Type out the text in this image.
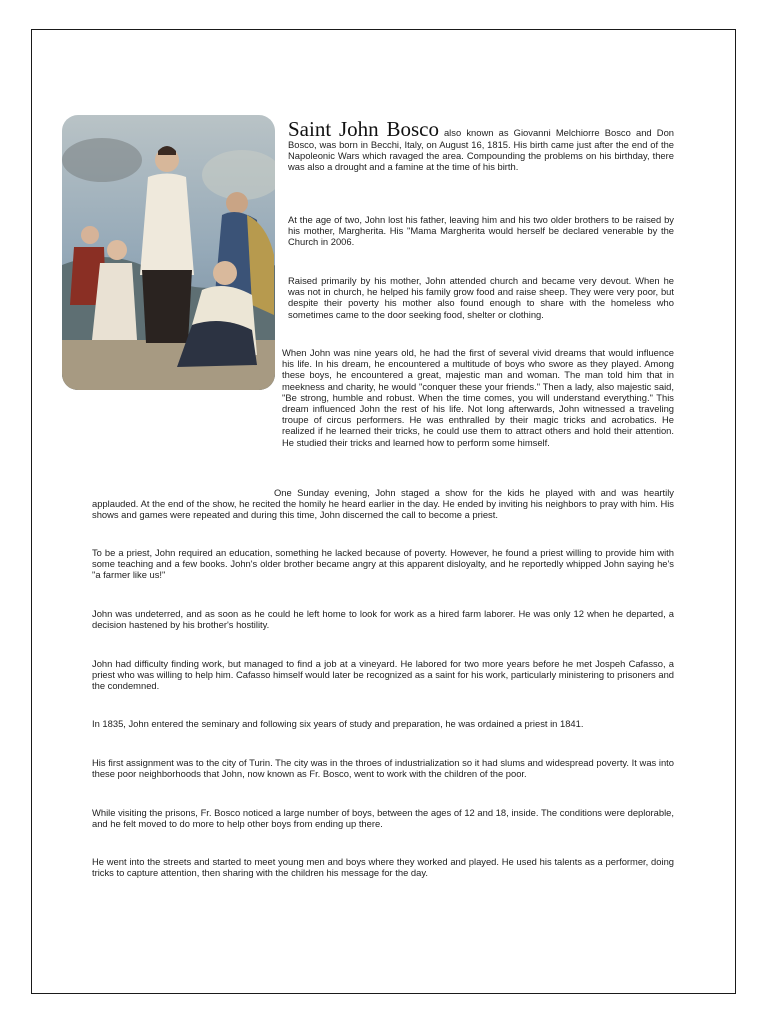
Saint John Bosco also known as Giovanni Melchiorre Bosco and Don Bosco, was born in Becchi, Italy, on August 16, 1815. His birth came just after the end of the Napoleonic Wars which ravaged the area. Compounding the problems on his birthday, there was also a drought and a famine at the time of his birth.

At the age of two, John lost his father, leaving him and his two older brothers to be raised by his mother, Margherita. His "Mama Margherita would herself be declared venerable by the Church in 2006.

Raised primarily by his mother, John attended church and became very devout. When he was not in church, he helped his family grow food and raise sheep. They were very poor, but despite their poverty his mother also found enough to share with the homeless who sometimes came to the door seeking food, shelter or clothing.

When John was nine years old, he had the first of several vivid dreams that would influence his life. In his dream, he encountered a multitude of boys who swore as they played. Among these boys, he encountered a great, majestic man and woman. The man told him that in meekness and charity, he would "conquer these your friends." Then a lady, also majestic said, "Be strong, humble and robust. When the time comes, you will understand everything." This dream influenced John the rest of his life. Not long afterwards, John witnessed a traveling troupe of circus performers. He was enthralled by their magic tricks and acrobatics. He realized if he learned their tricks, he could use them to attract others and hold their attention. He studied their tricks and learned how to perform some himself.

One Sunday evening, John staged a show for the kids he played with and was heartily applauded. At the end of the show, he recited the homily he heard earlier in the day. He ended by inviting his neighbors to pray with him. His shows and games were repeated and during this time, John discerned the call to become a priest.

To be a priest, John required an education, something he lacked because of poverty. However, he found a priest willing to provide him with some teaching and a few books. John's older brother became angry at this apparent disloyalty, and he reportedly whipped John saying he's "a farmer like us!"

John was undeterred, and as soon as he could he left home to look for work as a hired farm laborer. He was only 12 when he departed, a decision hastened by his brother's hostility.

John had difficulty finding work, but managed to find a job at a vineyard. He labored for two more years before he met Jospeh Cafasso, a priest who was willing to help him. Cafasso himself would later be recognized as a saint for his work, particularly ministering to prisoners and the condemned.

In 1835, John entered the seminary and following six years of study and preparation, he was ordained a priest in 1841.

His first assignment was to the city of Turin. The city was in the throes of industrialization so it had slums and widespread poverty. It was into these poor neighborhoods that John, now known as Fr. Bosco, went to work with the children of the poor.

While visiting the prisons, Fr. Bosco noticed a large number of boys, between the ages of 12 and 18, inside. The conditions were deplorable, and he felt moved to do more to help other boys from ending up there.

He went into the streets and started to meet young men and boys where they worked and played. He used his talents as a performer, doing tricks to capture attention, then sharing with the children his message for the day.
